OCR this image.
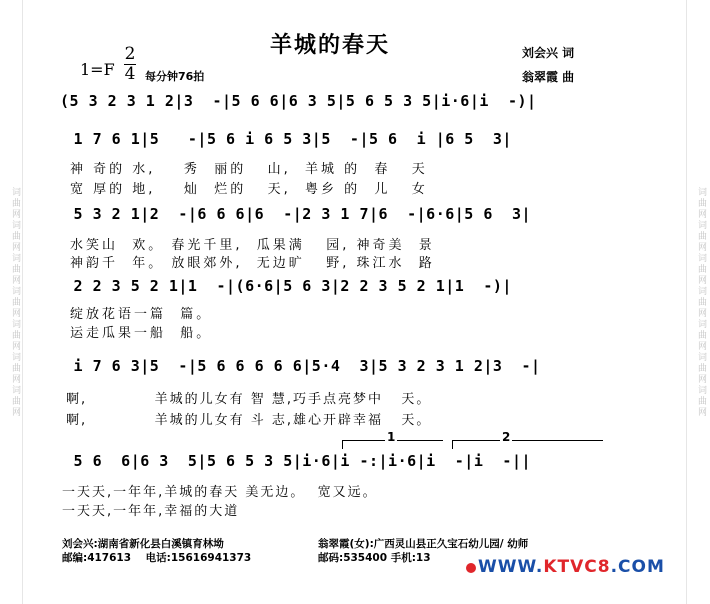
词曲网词曲网词曲网词曲网词曲网词曲网词曲网	词曲网词曲网词曲网词曲网词曲网词曲网词曲网
羊城的春天	刘会兴 词
翁翠霞 曲
1=F
2
4 每分钟76拍
(5 3 2 3 1 2|3  -|5 6 6|6 3 5|5 6 5 3 5|i·6|i  -)|
1 7 6 1|5   -|5 6 i 6 5 3|5  -|5 6  i |6 5  3|
神 奇的 水,    秀  丽的   山,  羊城 的  春   天
宽 厚的 地,    灿  烂的   天,  粤乡 的  儿   女
5 3 2 1|2  -|6 6 6|6  -|2 3 1 7|6  -|6·6|5 6  3|
水笑山  欢。 春光千里,  瓜果满   园, 神奇美  景
神韵千  年。 放眼郊外,  无边旷   野, 珠江水  路
2 2 3 5 2 1|1  -|(6·6|5 6 3|2 2 3 5 2 1|1  -)|
绽放花语一篇  篇。
运走瓜果一船  船。
i 7 6 3|5  -|5 6 6 6 6 6|5·4  3|5 3 2 3 1 2|3  -|
啊,           羊城的儿女有 智 慧,巧手点亮梦中   天。
啊,           羊城的儿女有 斗 志,雄心开辟幸福   天。
1	2
5 6  6|6 3  5|5 6 5 3 5|i·6|i -:|i·6|i  -|i  -||
一天天,一年年,羊城的春天 美无边。  宽又远。
一天天,一年年,幸福的大道
刘会兴:湖南省新化县白溪镇育林坳	翁翠霞(女):广西灵山县正久宝石幼儿园/ 幼师
邮编:417613    电话:15616941373	邮码:535400 手机:13	WWW.KTVC8.COM
